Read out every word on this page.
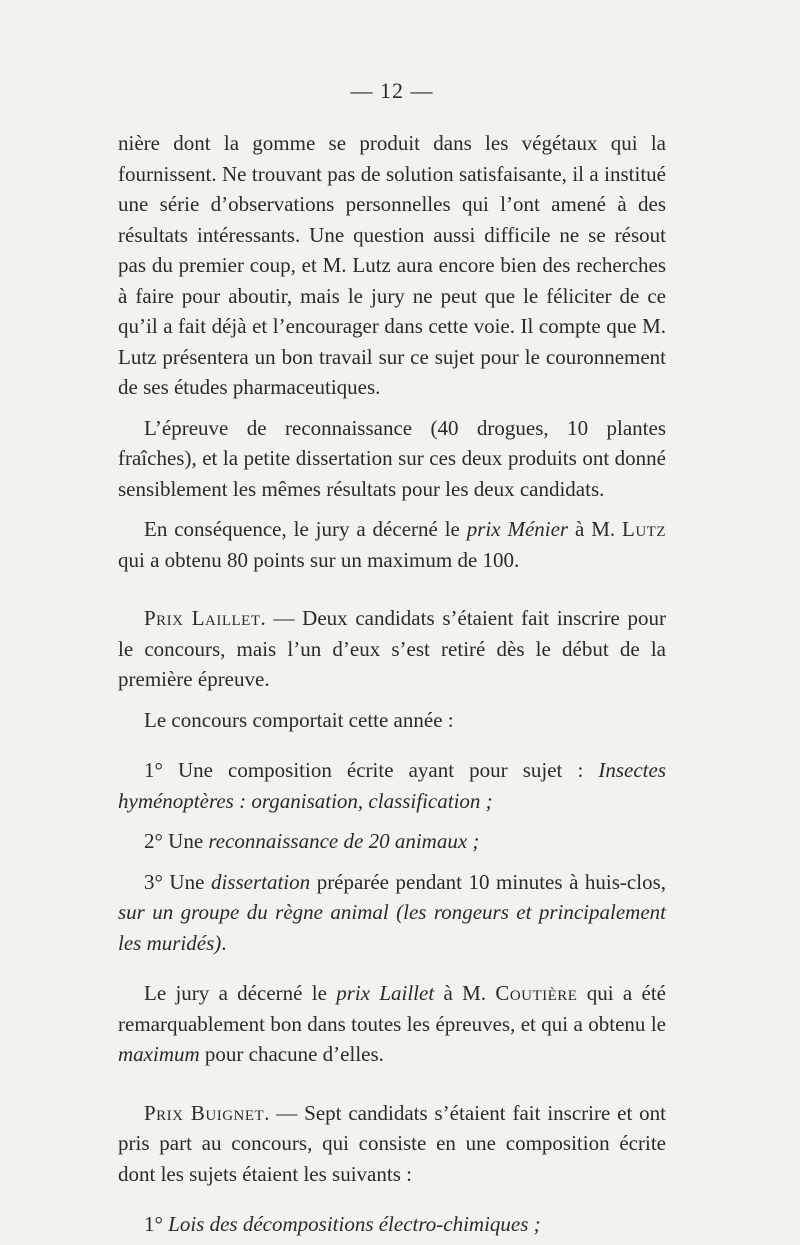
— 12 —

nière dont la gomme se produit dans les végétaux qui la fournissent. Ne trouvant pas de solution satisfaisante, il a institué une série d’observations personnelles qui l’ont amené à des résultats intéressants. Une question aussi difficile ne se résout pas du premier coup, et M. Lutz aura encore bien des recherches à faire pour aboutir, mais le jury ne peut que le féliciter de ce qu’il a fait déjà et l’encourager dans cette voie. Il compte que M. Lutz présentera un bon travail sur ce sujet pour le couronnement de ses études pharmaceutiques.

L’épreuve de reconnaissance (40 drogues, 10 plantes fraîches), et la petite dissertation sur ces deux produits ont donné sensiblement les mêmes résultats pour les deux candidats.

En conséquence, le jury a décerné le prix Ménier à M. Lutz qui a obtenu 80 points sur un maximum de 100.

Prix Laillet. — Deux candidats s’étaient fait inscrire pour le concours, mais l’un d’eux s’est retiré dès le début de la première épreuve.

Le concours comportait cette année :

1° Une composition écrite ayant pour sujet : Insectes hyménoptères : organisation, classification ;

2° Une reconnaissance de 20 animaux ;

3° Une dissertation préparée pendant 10 minutes à huis-clos, sur un groupe du règne animal (les rongeurs et principalement les muridés).

Le jury a décerné le prix Laillet à M. Coutière qui a été remarquablement bon dans toutes les épreuves, et qui a obtenu le maximum pour chacune d’elles.

Prix Buignet. — Sept candidats s’étaient fait inscrire et ont pris part au concours, qui consiste en une composition écrite dont les sujets étaient les suivants :

1° Lois des décompositions électro-chimiques ;
